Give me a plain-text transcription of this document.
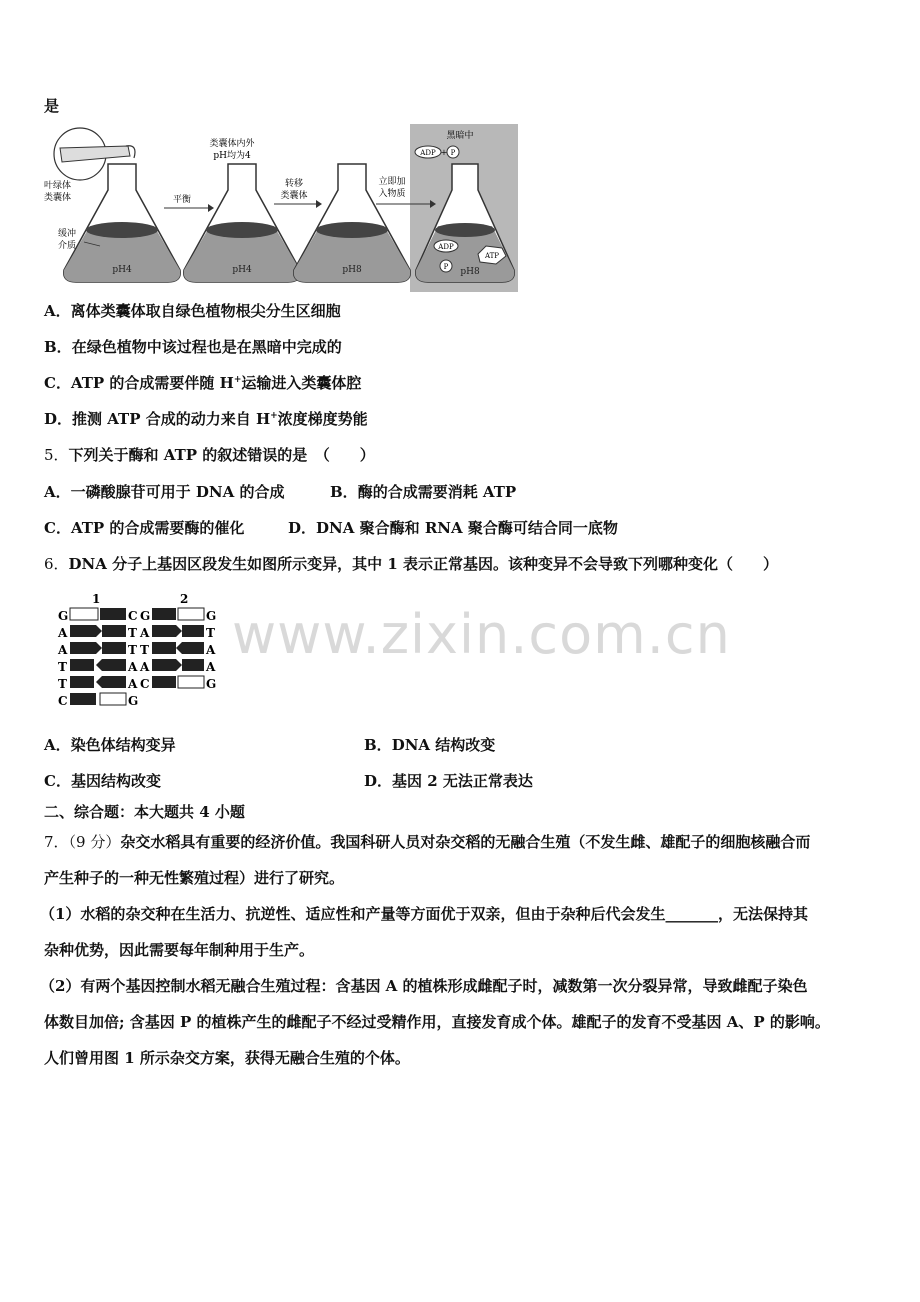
是
pH4	pH4	pH8
ADP
P
ATP
pH8
ADP + P
黑暗中
叶绿体
类囊体
缓冲
介质
平衡
类囊体内外
pH均为4
转移
类囊体
立即加
入物质
A．离体类囊体取自绿色植物根尖分生区细胞
B．在绿色植物中该过程也是在黑暗中完成的
C．ATP 的合成需要伴随 H+运输进入类囊体腔
D．推测 ATP 合成的动力来自 H+浓度梯度势能
5．下列关于酶和 ATP 的叙述错误的是　（　　）
A．一磷酸腺苷可用于 DNA 的合成	B．酶的合成需要消耗 ATP
C．ATP 的合成需要酶的催化	D．DNA 聚合酶和 RNA 聚合酶可结合同一底物
6．DNA 分子上基因区段发生如图所示变异，其中 1 表示正常基因。该种变异不会导致下列哪种变化（　　）
1	2
G
A
A
T
T
C
C
T
T
A
A
G
G
A
T
A
C
G
T
A
A
G
www.zixin.com.cn
A．染色体结构变异	B．DNA 结构改变
C．基因结构改变	D．基因 2 无法正常表达
二、综合题：本大题共 4 小题
7．（9 分）杂交水稻具有重要的经济价值。我国科研人员对杂交稻的无融合生殖（不发生雌、雄配子的细胞核融合而
产生种子的一种无性繁殖过程）进行了研究。
（1）水稻的杂交种在生活力、抗逆性、适应性和产量等方面优于双亲，但由于杂种后代会发生_______，无法保持其
杂种优势，因此需要每年制种用于生产。
（2）有两个基因控制水稻无融合生殖过程：含基因 A 的植株形成雌配子时，减数第一次分裂异常，导致雌配子染色
体数目加倍; 含基因 P 的植株产生的雌配子不经过受精作用，直接发育成个体。雄配子的发育不受基因 A、P 的影响。
人们曾用图 1 所示杂交方案，获得无融合生殖的个体。
